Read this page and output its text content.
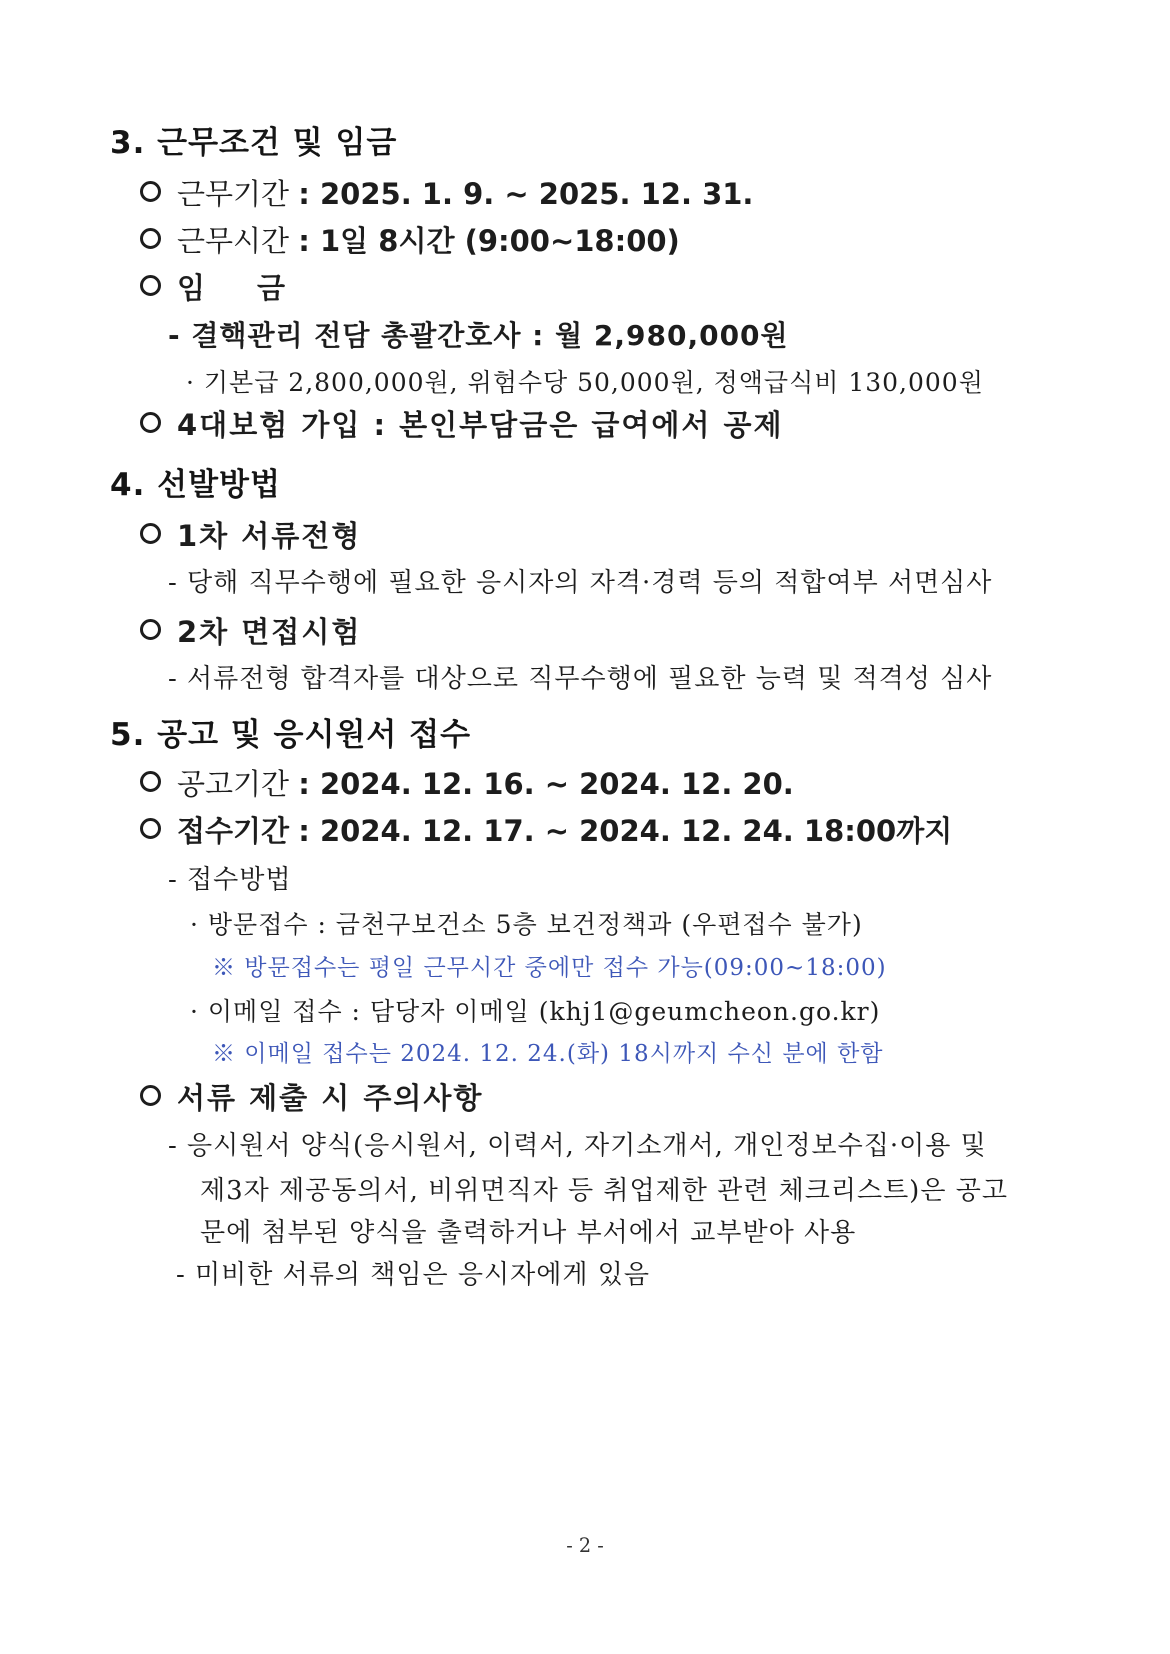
3. 근무조건 및 임금
근무기간 : 2025. 1. 9. ~ 2025. 12. 31.
근무시간 : 1일 8시간 (9:00~18:00)
임 금
- 결핵관리 전담 총괄간호사 : 월 2,980,000원
· 기본급 2,800,000원, 위험수당 50,000원, 정액급식비 130,000원
4대보험 가입 : 본인부담금은 급여에서 공제
4. 선발방법
1차 서류전형
- 당해 직무수행에 필요한 응시자의 자격·경력 등의 적합여부 서면심사
2차 면접시험
- 서류전형 합격자를 대상으로 직무수행에 필요한 능력 및 적격성 심사
5. 공고 및 응시원서 접수
공고기간 : 2024. 12. 16. ~ 2024. 12. 20.
접수기간 : 2024. 12. 17. ~ 2024. 12. 24. 18:00까지
- 접수방법
· 방문접수 : 금천구보건소 5층 보건정책과 (우편접수 불가)
※ 방문접수는 평일 근무시간 중에만 접수 가능(09:00~18:00)
· 이메일 접수 : 담당자 이메일 (khj1@geumcheon.go.kr)
※ 이메일 접수는 2024. 12. 24.(화) 18시까지 수신 분에 한함
서류 제출 시 주의사항
- 응시원서 양식(응시원서, 이력서, 자기소개서, 개인정보수집·이용 및
제3자 제공동의서, 비위면직자 등 취업제한 관련 체크리스트)은 공고
문에 첨부된 양식을 출력하거나 부서에서 교부받아 사용
- 미비한 서류의 책임은 응시자에게 있음
- 2 -
